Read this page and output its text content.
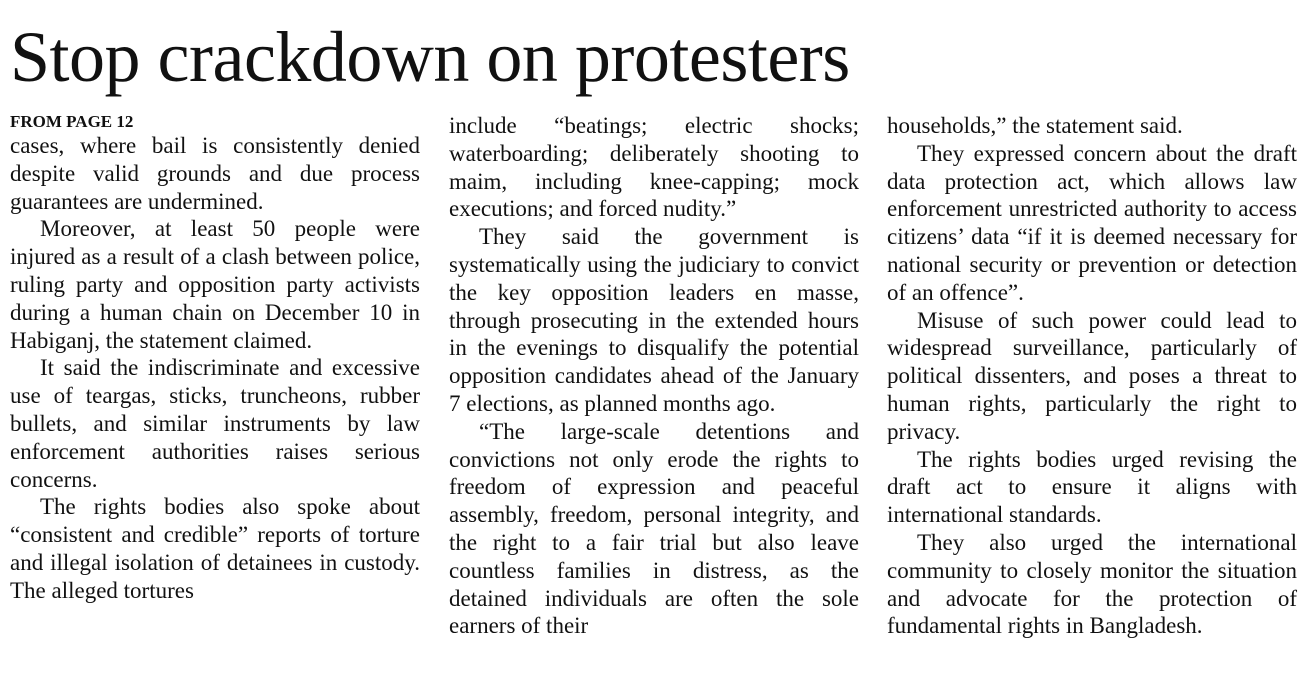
Stop crackdown on protesters
FROM PAGE 12

cases, where bail is consistently denied despite valid grounds and due process guarantees are undermined.

Moreover, at least 50 people were injured as a result of a clash between police, ruling party and opposition party activists during a human chain on December 10 in Habiganj, the statement claimed.

It said the indiscriminate and excessive use of teargas, sticks, truncheons, rubber bullets, and similar instruments by law enforcement authorities raises serious concerns.

The rights bodies also spoke about “consistent and credible” reports of torture and illegal isolation of detainees in custody. The alleged tortures

include “beatings; electric shocks; waterboarding; deliberately shooting to maim, including knee-capping; mock executions; and forced nudity.”

They said the government is systematically using the judiciary to convict the key opposition leaders en masse, through prosecuting in the extended hours in the evenings to disqualify the potential opposition candidates ahead of the January 7 elections, as planned months ago.

“The large-scale detentions and convictions not only erode the rights to freedom of expression and peaceful assembly, freedom, personal integrity, and the right to a fair trial but also leave countless families in distress, as the detained individuals are often the sole earners of their

households,” the statement said.

They expressed concern about the draft data protection act, which allows law enforcement unrestricted authority to access citizens’ data “if it is deemed necessary for national security or prevention or detection of an offence”.

Misuse of such power could lead to widespread surveillance, particularly of political dissenters, and poses a threat to human rights, particularly the right to privacy.

The rights bodies urged revising the draft act to ensure it aligns with international standards.

They also urged the international community to closely monitor the situation and advocate for the protection of fundamental rights in Bangladesh.
